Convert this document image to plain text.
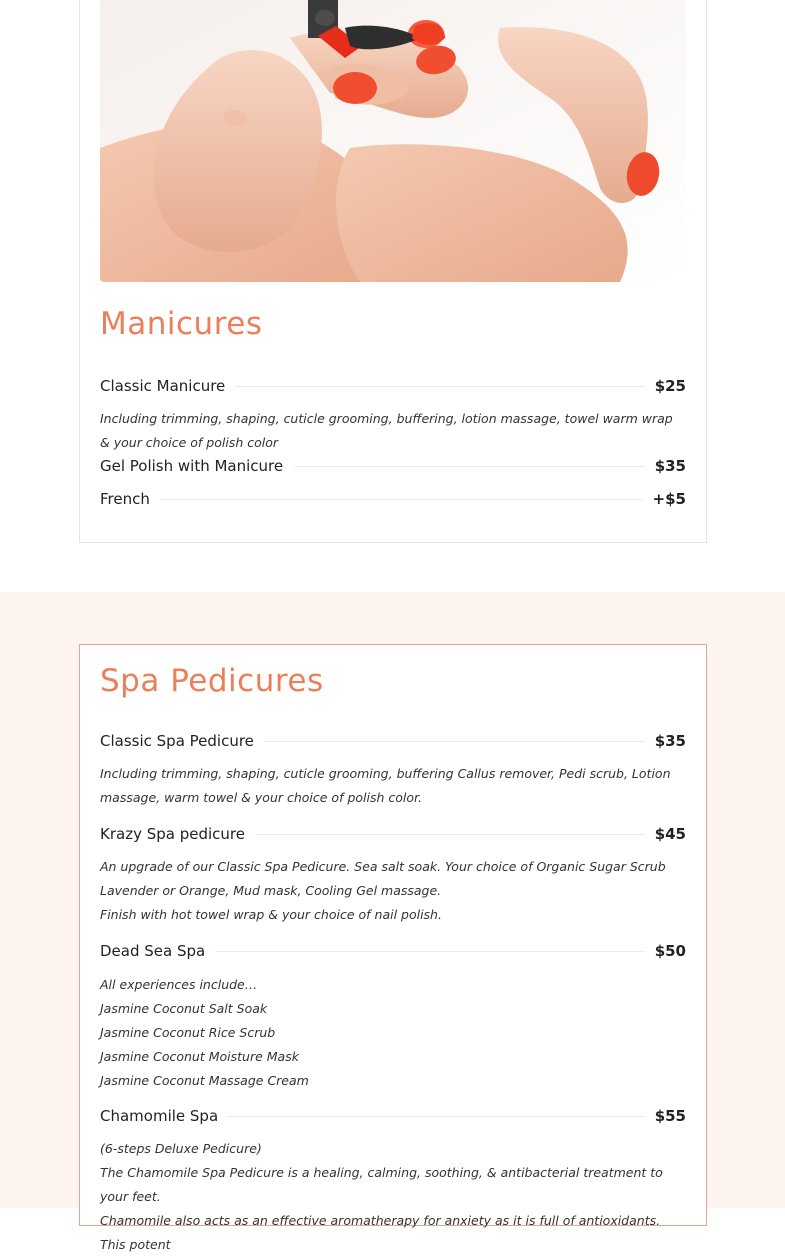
Manicures
Classic Manicure	$25

Including trimming, shaping, cuticle grooming, buffering, lotion massage, towel warm wrap & your choice of polish color

Gel Polish with Manicure	$35
French	+$5
Spa Pedicures
Classic Spa Pedicure	$35

Including trimming, shaping, cuticle grooming, buffering Callus remover, Pedi scrub, Lotion massage, warm towel & your choice of polish color.

Krazy Spa pedicure	$45

An upgrade of our Classic Spa Pedicure. Sea salt soak. Your choice of Organic Sugar Scrub Lavender or Orange, Mud mask, Cooling Gel massage.
Finish with hot towel wrap & your choice of nail polish.

Dead Sea Spa	$50

All experiences include…
Jasmine Coconut Salt Soak
Jasmine Coconut Rice Scrub
Jasmine Coconut Moisture Mask
Jasmine Coconut Massage Cream

Chamomile Spa	$55

(6-steps Deluxe Pedicure)
The Chamomile Spa Pedicure is a healing, calming, soothing, & antibacterial treatment to your feet.
Chamomile also acts as an effective aromatherapy for anxiety as it is full of antioxidants. This potent
